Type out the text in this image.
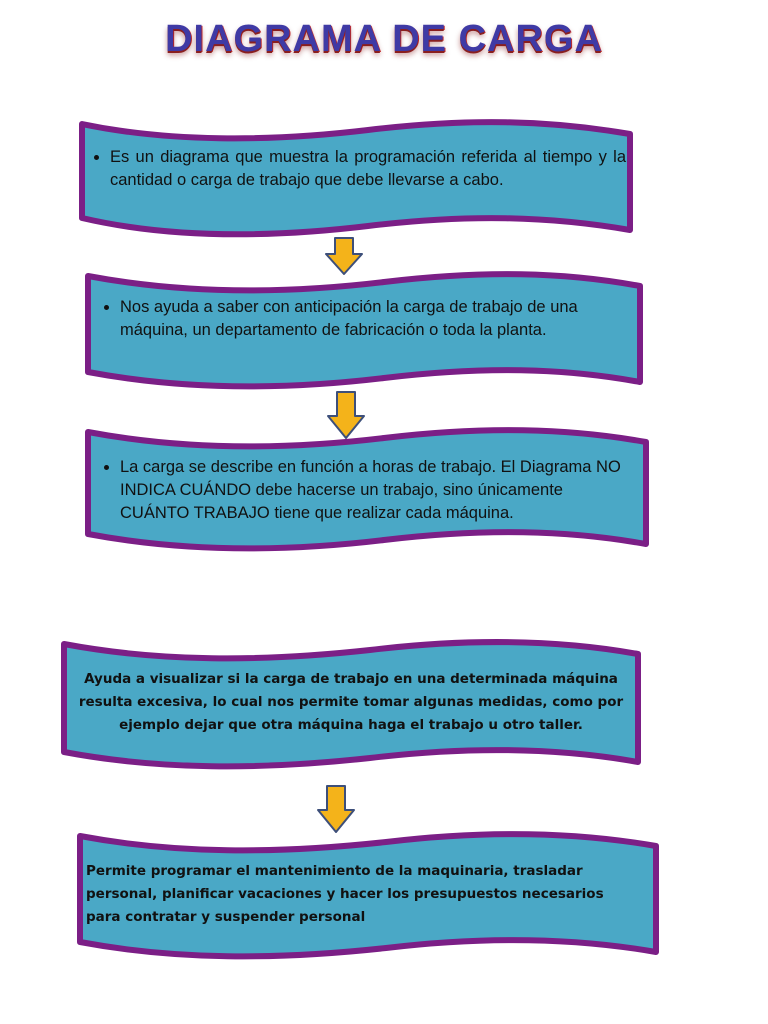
DIAGRAMA DE CARGA
• Es un diagrama que muestra la programación referida al tiempo y la cantidad o carga de trabajo que debe llevarse a cabo.
• Nos ayuda a saber con anticipación la carga de trabajo de una máquina, un departamento de fabricación o toda la planta.
• La carga se describe en función a horas de trabajo. El Diagrama NO INDICA CUÁNDO debe hacerse un trabajo, sino únicamente CUÁNTO TRABAJO tiene que realizar cada máquina.
Ayuda a visualizar si la carga de trabajo en una determinada máquina resulta excesiva, lo cual nos permite tomar algunas medidas, como por ejemplo dejar que otra máquina haga el trabajo u otro taller.
Permite programar el mantenimiento de la maquinaria, trasladar personal, planificar vacaciones y hacer los presupuestos necesarios para contratar y suspender personal
